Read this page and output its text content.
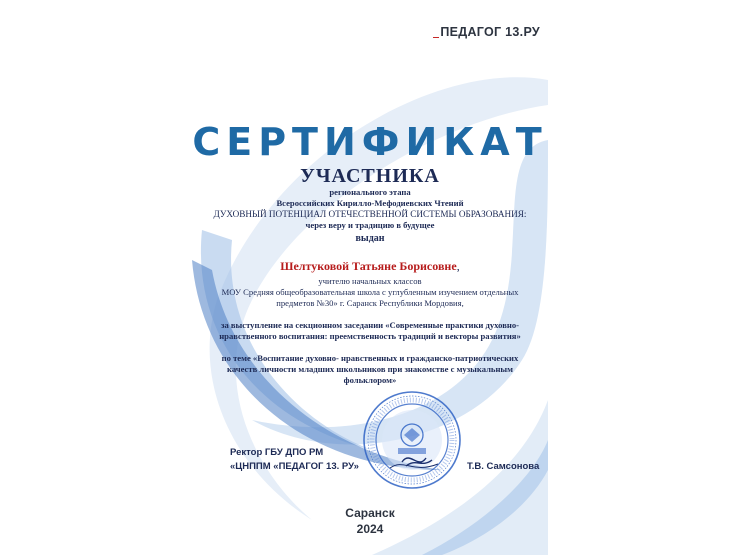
ПЕДАГОГ 13.РУ
СЕРТИФИКАТ
УЧАСТНИКА
регионального этапа
Всероссийских Кирилло-Мефодиевских Чтений
ДУХОВНЫЙ ПОТЕНЦИАЛ ОТЕЧЕСТВЕННОЙ СИСТЕМЫ ОБРАЗОВАНИЯ:
через веру и традицию в будущее
выдан
Шелтуковой Татьяне Борисовне,
учителю начальных классов
МОУ Средняя общеобразовательная школа с углубленным изучением отдельных
предметов №30» г. Саранск Республики Мордовия,
за выступление на секционном заседании «Современные практики духовно-
нравственного воспитания: преемственность традиций и векторы развития»
по теме «Воспитание духовно- нравственных и гражданско-патриотических
качеств личности младших школьников при знакомстве с музыкальным
фольклором»
Ректор ГБУ ДПО РМ
«ЦНППМ «ПЕДАГОГ 13. РУ»	Т.В. Самсонова
Саранск
2024
